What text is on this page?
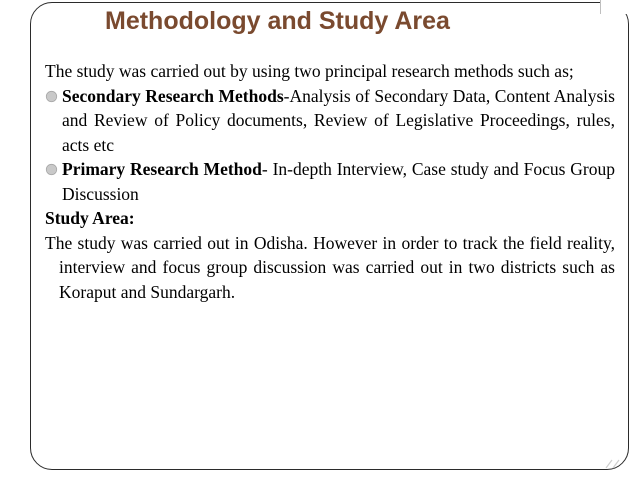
Methodology and Study Area

The study was carried out by using two principal research methods such as;

Secondary Research Methods-Analysis of Secondary Data, Content Analysis and Review of Policy documents, Review of Legislative Proceedings, rules, acts etc

Primary Research Method- In-depth Interview, Case study and Focus Group Discussion

Study Area:

The study was carried out in Odisha. However in order to track the field reality, interview and focus group discussion was carried out in two districts such as Koraput and Sundargarh.
